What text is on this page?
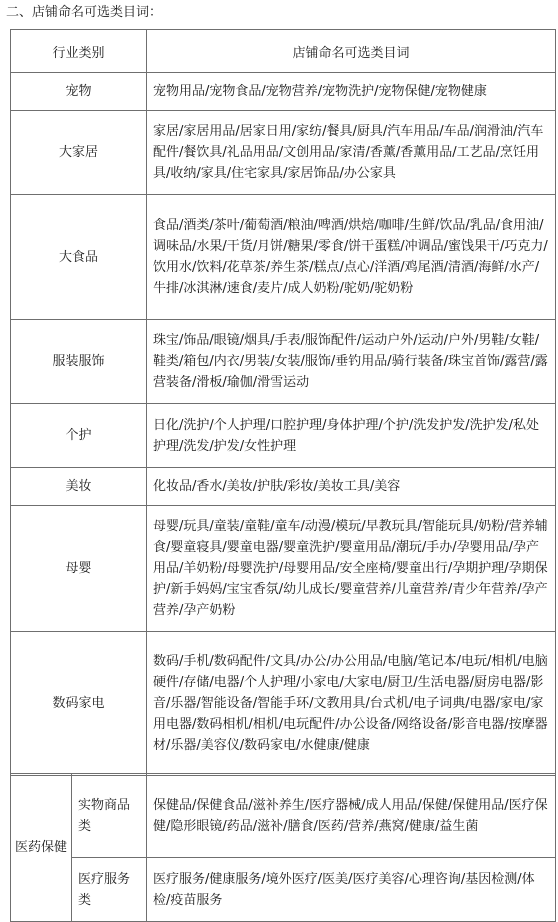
二、店铺命名可选类目词：
行业类别	店铺命名可选类目词
宠物	宠物用品/宠物食品/宠物营养/宠物洗护/宠物保健/宠物健康
大家居	家居/家居用品/居家日用/家纺/餐具/厨具/汽车用品/车品/润滑油/汽车配件/餐饮具/礼品用品/文创用品/家清/香薰/香薰用品/工艺品/烹饪用具/收纳/家具/住宅家具/家居饰品/办公家具
大食品	食品/酒类/茶叶/葡萄酒/粮油/啤酒/烘焙/咖啡/生鲜/饮品/乳品/食用油/调味品/水果/干货/月饼/糖果/零食/饼干蛋糕/冲调品/蜜饯果干/巧克力/饮用水/饮料/花草茶/养生茶/糕点/点心/洋酒/鸡尾酒/清酒/海鲜/水产/牛排/冰淇淋/速食/麦片/成人奶粉/驼奶/驼奶粉
服装服饰	珠宝/饰品/眼镜/烟具/手表/服饰配件/运动户外/运动/户外/男鞋/女鞋/鞋类/箱包/内衣/男装/女装/服饰/垂钓用品/骑行装备/珠宝首饰/露营/露营装备/滑板/瑜伽/滑雪运动
个护	日化/洗护/个人护理/口腔护理/身体护理/个护/洗发护发/洗护发/私处护理/洗发/护发/女性护理
美妆	化妆品/香水/美妆/护肤/彩妆/美妆工具/美容
母婴	母婴/玩具/童装/童鞋/童车/动漫/模玩/早教玩具/智能玩具/奶粉/营养辅食/婴童寝具/婴童电器/婴童洗护/婴童用品/潮玩/手办/孕婴用品/孕产用品/羊奶粉/母婴洗护/母婴用品/安全座椅/婴童出行/孕期护理/孕期保护/新手妈妈/宝宝香氛/幼儿成长/婴童营养/儿童营养/青少年营养/孕产营养/孕产奶粉
数码家电	数码/手机/数码配件/文具/办公/办公用品/电脑/笔记本/电玩/相机/电脑硬件/存储/电器/个人护理/小家电/大家电/厨卫/生活电器/厨房电器/影音/乐器/智能设备/智能手环/文教用具/台式机/电子词典/电器/家电/家用电器/数码相机/相机/电玩配件/办公设备/网络设备/影音电器/按摩器材/乐器/美容仪/数码家电/水健康/健康
医药保健	实物商品类	保健品/保健食品/滋补养生/医疗器械/成人用品/保健/保健用品/医疗保健/隐形眼镜/药品/滋补/膳食/医药/营养/燕窝/健康/益生菌
	医疗服务类	医疗服务/健康服务/境外医疗/医美/医疗美容/心理咨询/基因检测/体检/疫苗服务
